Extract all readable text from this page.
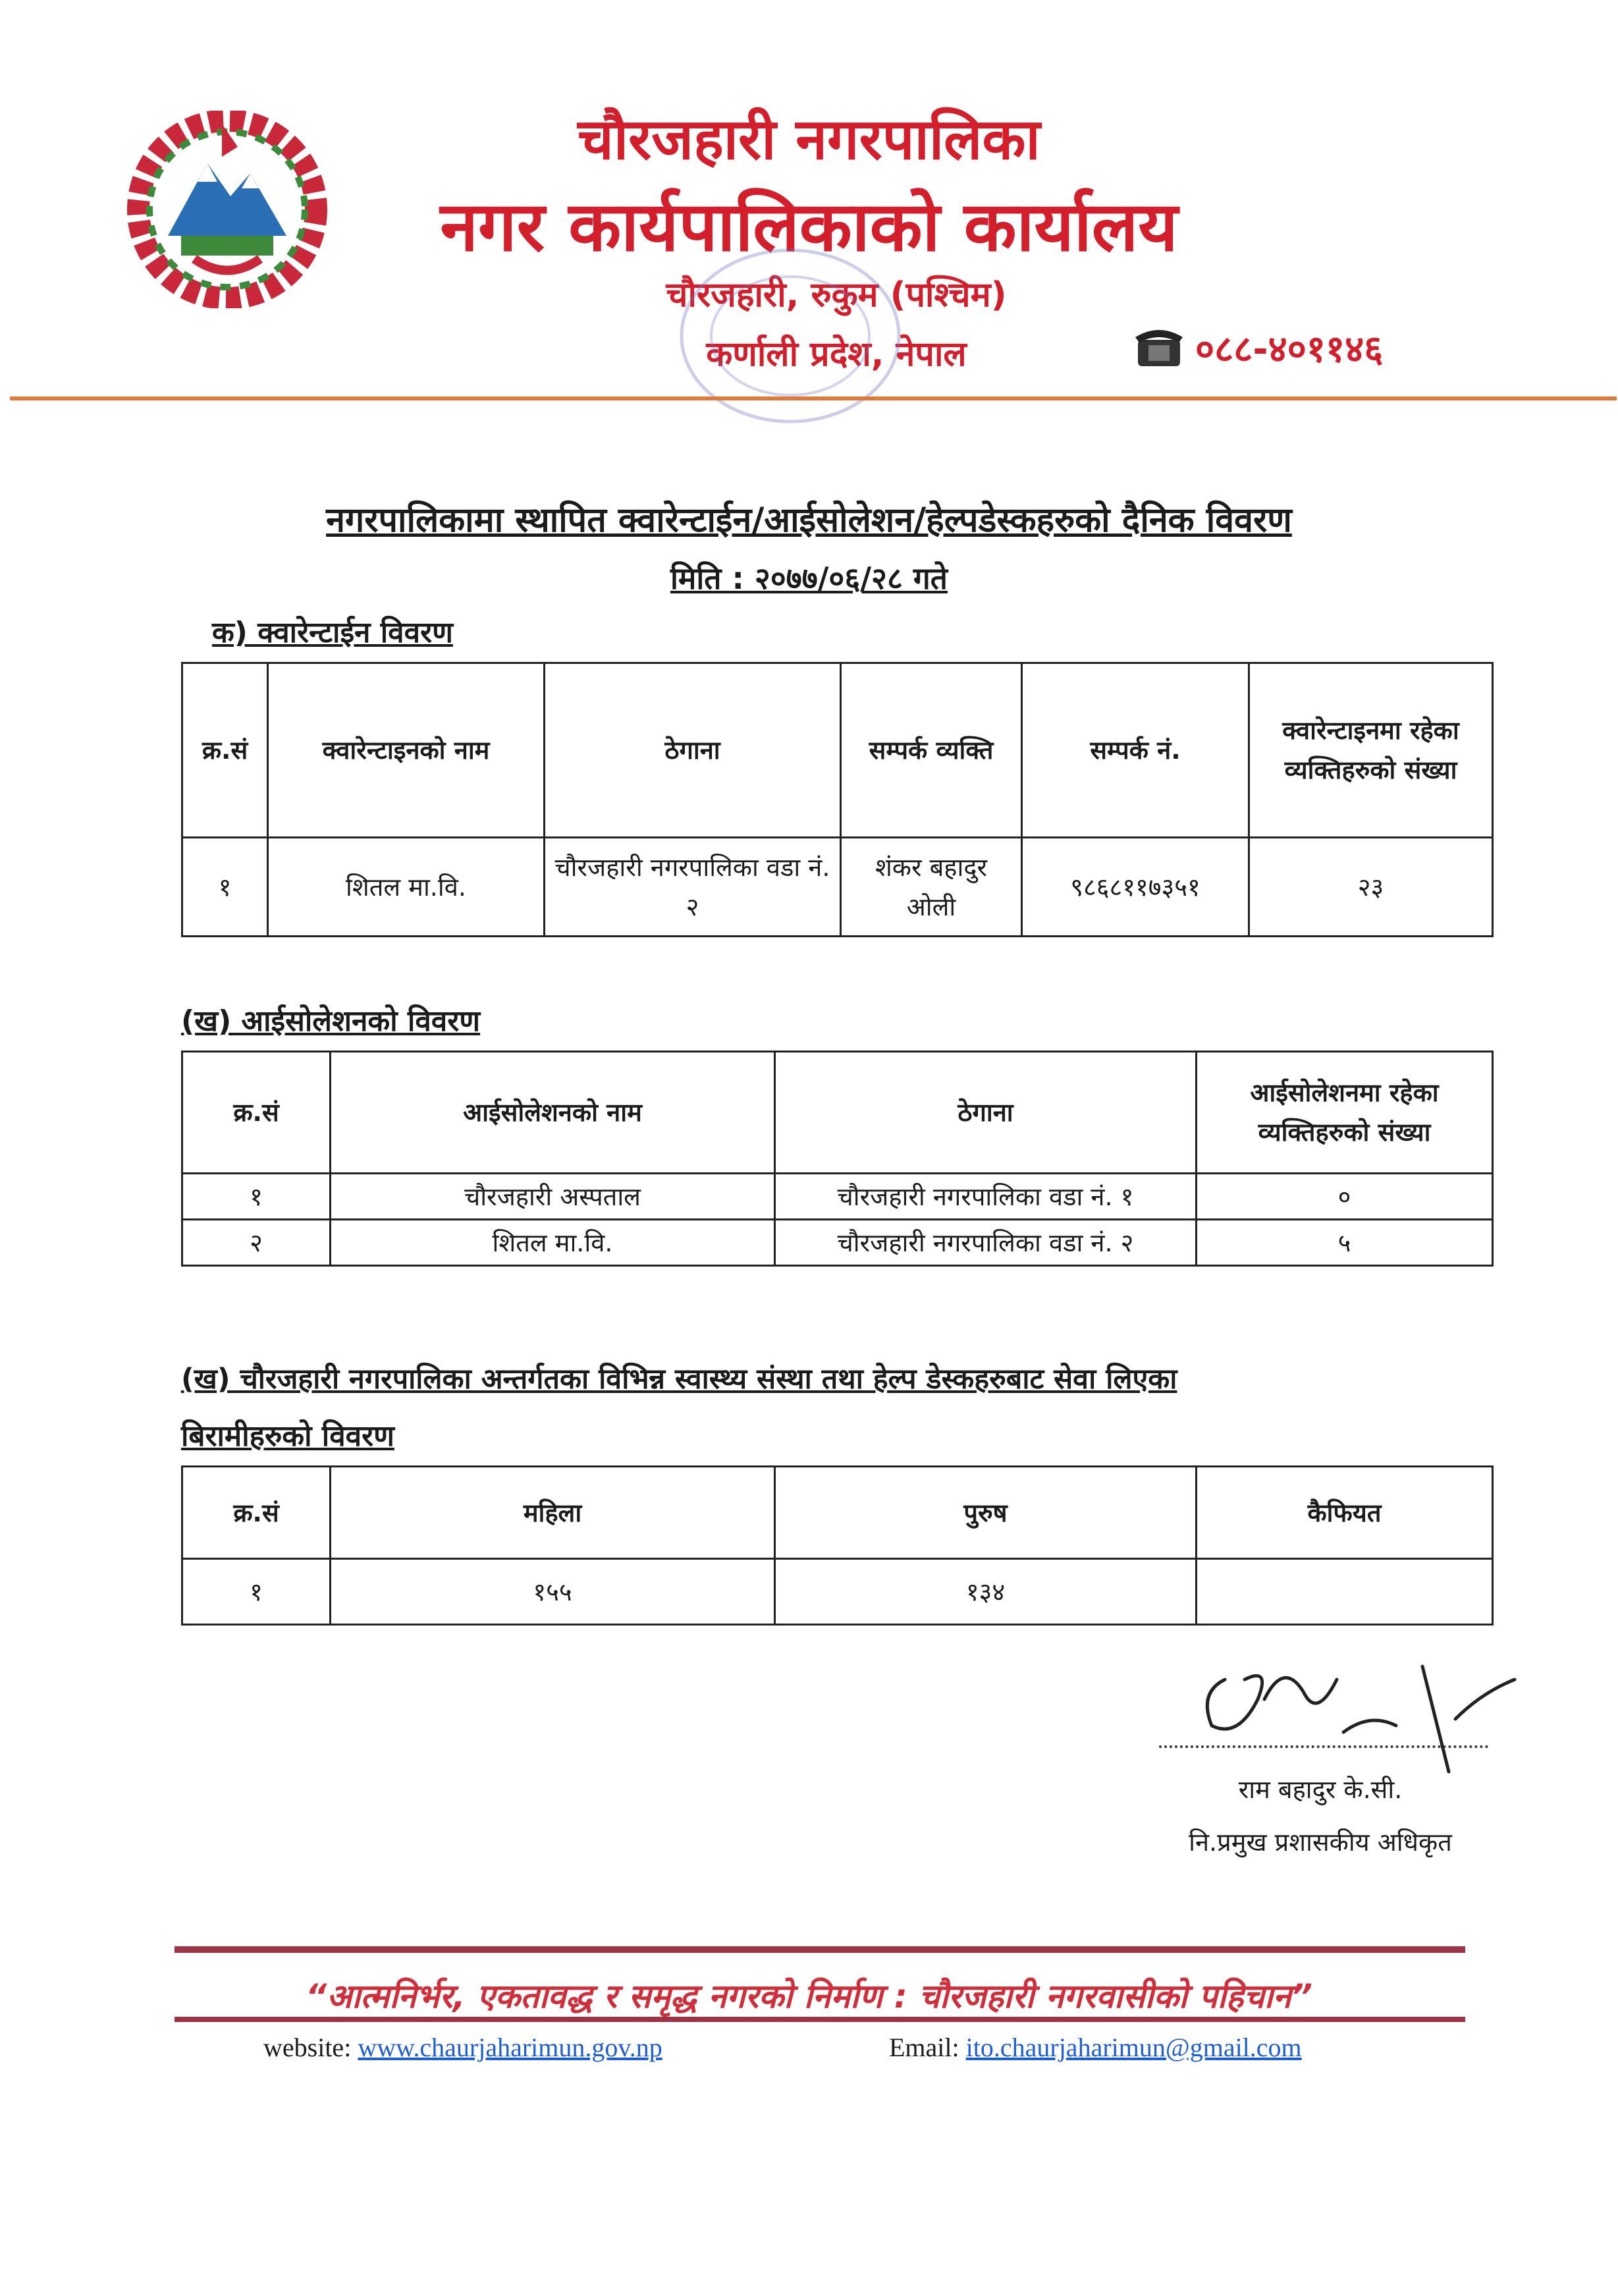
चौरजहारी नगरपालिका
नगर कार्यपालिकाको कार्यालय
चौरजहारी, रुकुम (पश्चिम)
कर्णाली प्रदेश, नेपाल	०८८-४०११४६
नगरपालिकामा स्थापित क्वारेन्टाईन/आईसोलेशन/हेल्पडेस्कहरुको दैनिक विवरण
मिति : २०७७/०६/२८ गते
क) क्वारेन्टाईन विवरण
क्र.सं	क्वारेन्टाइनको नाम	ठेगाना	सम्पर्क व्यक्ति	सम्पर्क नं.	क्वारेन्टाइनमा रहेका व्यक्तिहरुको संख्या
१	शितल मा.वि.	चौरजहारी नगरपालिका वडा नं. २	शंकर बहादुर ओली	९८६८११७३५१	२३
(ख) आईसोलेशनको विवरण
क्र.सं	आईसोलेशनको नाम	ठेगाना	आईसोलेशनमा रहेका व्यक्तिहरुको संख्या
१	चौरजहारी अस्पताल	चौरजहारी नगरपालिका वडा नं. १	०
२	शितल मा.वि.	चौरजहारी नगरपालिका वडा नं. २	५
(ख) चौरजहारी नगरपालिका अन्तर्गतका विभिन्न स्वास्थ्य संस्था तथा हेल्प डेस्कहरुबाट सेवा लिएका
बिरामीहरुको विवरण
क्र.सं	महिला	पुरुष	कैफियत
१	१५५	१३४	
राम बहादुर के.सी.
नि.प्रमुख प्रशासकीय अधिकृत
“आत्मनिर्भर, एकतावद्ध र समृद्ध नगरको निर्माण : चौरजहारी नगरवासीको पहिचान”
website: www.chaurjaharimun.gov.np	Email: ito.chaurjaharimun@gmail.com
